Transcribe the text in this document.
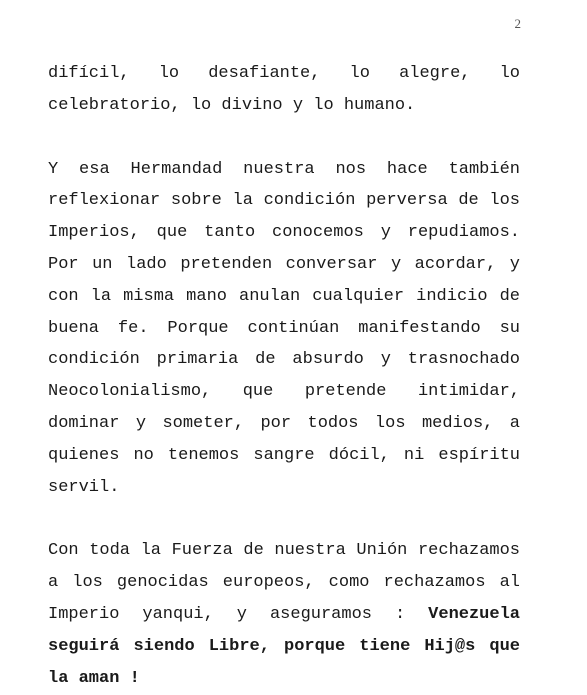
2

difícil, lo desafiante, lo alegre, lo celebratorio, lo divino y lo humano.

Y esa Hermandad nuestra nos hace también reflexionar sobre la condición perversa de los Imperios, que tanto conocemos y repudiamos. Por un lado pretenden conversar y acordar, y con la misma mano anulan cualquier indicio de buena fe. Porque continúan manifestando su condición primaria de absurdo y trasnochado Neocolonialismo, que pretende intimidar, dominar y someter, por todos los medios, a quienes no tenemos sangre dócil, ni espíritu servil.

Con toda la Fuerza de nuestra Unión rechazamos a los genocidas europeos, como rechazamos al Imperio yanqui, y aseguramos : Venezuela seguirá siendo Libre, porque tiene Hij@s que la aman !
